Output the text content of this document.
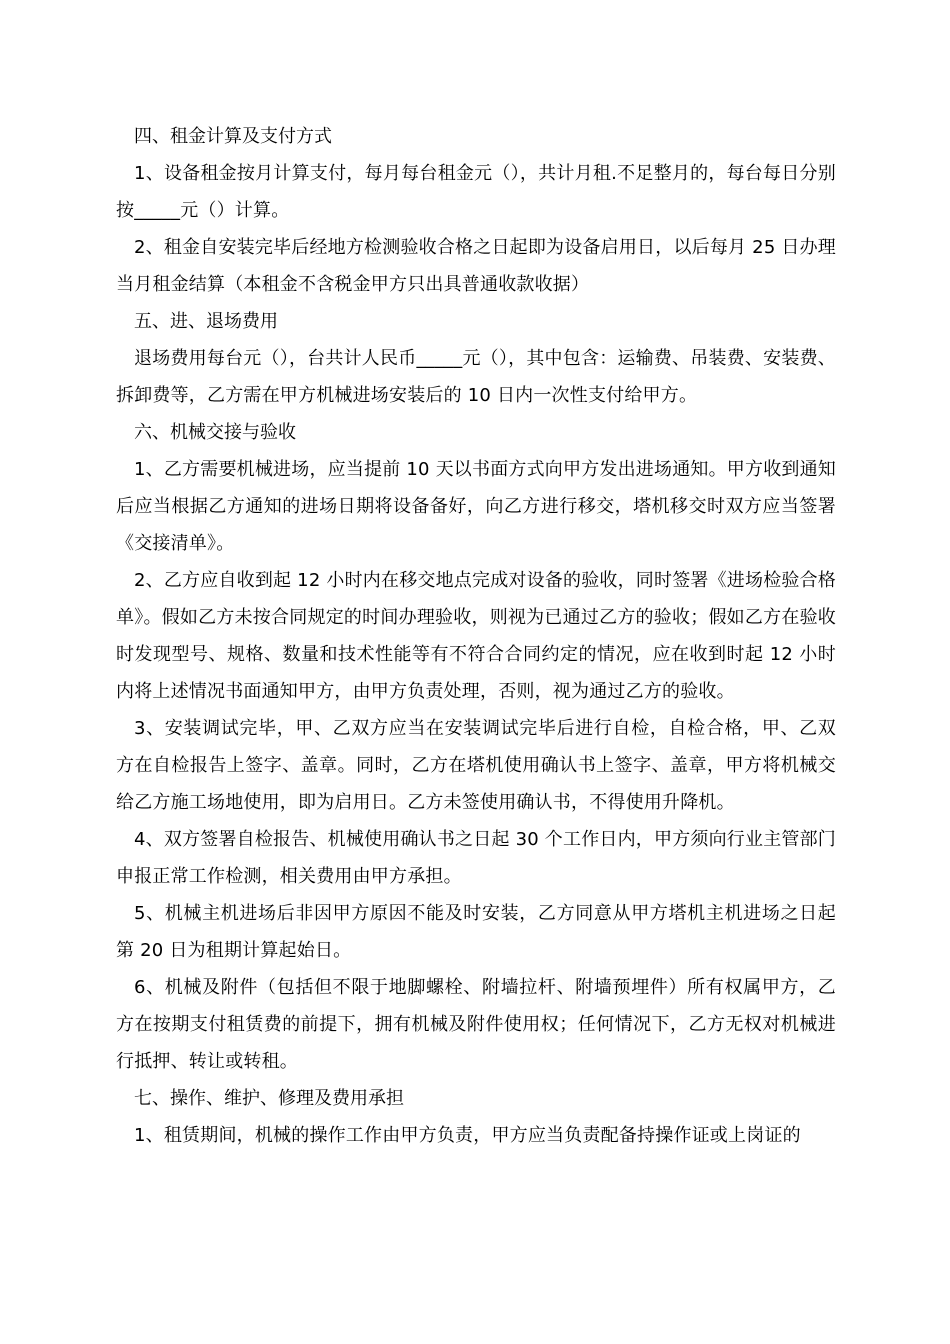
四、租金计算及支付方式

1、设备租金按月计算支付，每月每台租金元（），共计月租.不足整月的，每台每日分别按_____元（）计算。

2、租金自安装完毕后经地方检测验收合格之日起即为设备启用日，以后每月 25 日办理当月租金结算（本租金不含税金甲方只出具普通收款收据）

五、进、退场费用

退场费用每台元（），台共计人民币_____元（），其中包含：运输费、吊装费、安装费、拆卸费等，乙方需在甲方机械进场安装后的 10 日内一次性支付给甲方。

六、机械交接与验收

1、乙方需要机械进场，应当提前 10 天以书面方式向甲方发出进场通知。甲方收到通知后应当根据乙方通知的进场日期将设备备好，向乙方进行移交，塔机移交时双方应当签署《交接清单》。

2、乙方应自收到起 12 小时内在移交地点完成对设备的验收，同时签署《进场检验合格单》。假如乙方未按合同规定的时间办理验收，则视为已通过乙方的验收；假如乙方在验收时发现型号、规格、数量和技术性能等有不符合合同约定的情况，应在收到时起 12 小时内将上述情况书面通知甲方，由甲方负责处理，否则，视为通过乙方的验收。

3、安装调试完毕，甲、乙双方应当在安装调试完毕后进行自检，自检合格，甲、乙双方在自检报告上签字、盖章。同时，乙方在塔机使用确认书上签字、盖章，甲方将机械交给乙方施工场地使用，即为启用日。乙方未签使用确认书，不得使用升降机。

4、双方签署自检报告、机械使用确认书之日起 30 个工作日内，甲方须向行业主管部门申报正常工作检测，相关费用由甲方承担。

5、机械主机进场后非因甲方原因不能及时安装，乙方同意从甲方塔机主机进场之日起第 20 日为租期计算起始日。

6、机械及附件（包括但不限于地脚螺栓、附墙拉杆、附墙预埋件）所有权属甲方，乙方在按期支付租赁费的前提下，拥有机械及附件使用权；任何情况下，乙方无权对机械进行抵押、转让或转租。

七、操作、维护、修理及费用承担

1、租赁期间，机械的操作工作由甲方负责，甲方应当负责配备持操作证或上岗证的
